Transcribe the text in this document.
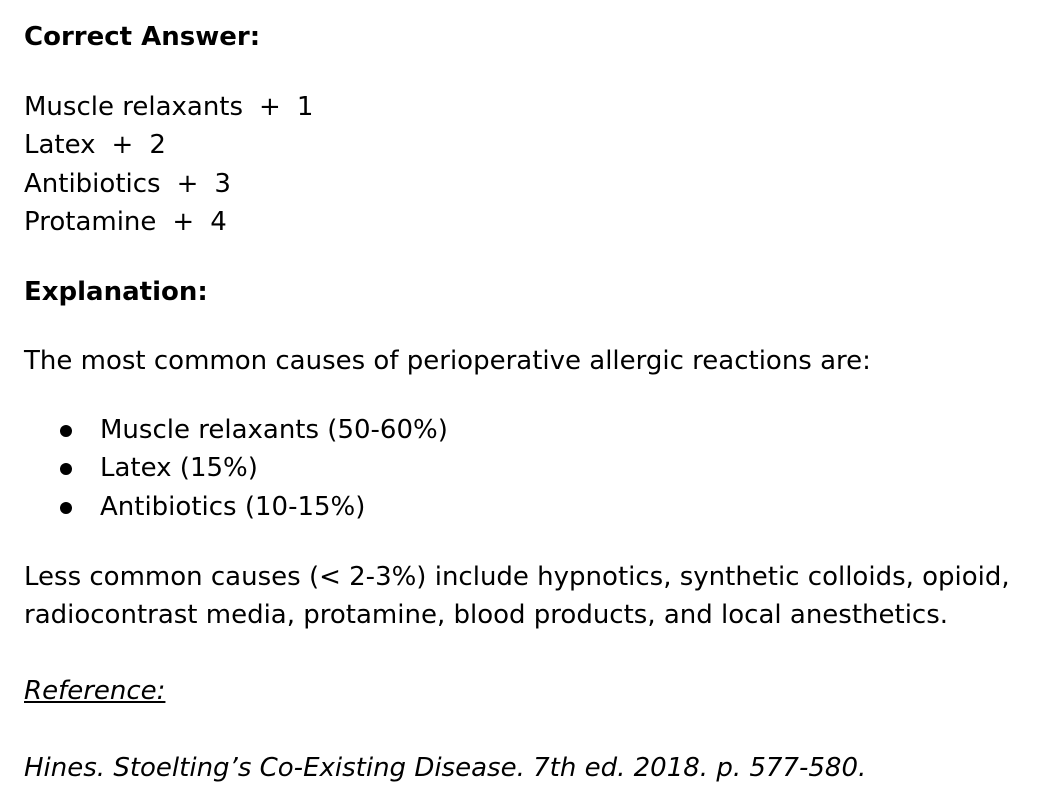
Correct Answer:
Muscle relaxants + 1
Latex + 2
Antibiotics + 3
Protamine + 4
Explanation:
The most common causes of perioperative allergic reactions are:
Muscle relaxants (50-60%)
Latex (15%)
Antibiotics (10-15%)
Less common causes (< 2-3%) include hypnotics, synthetic colloids, opioid, radiocontrast media, protamine, blood products, and local anesthetics.
Reference:
Hines. Stoelting’s Co-Existing Disease. 7th ed. 2018. p. 577-580.
